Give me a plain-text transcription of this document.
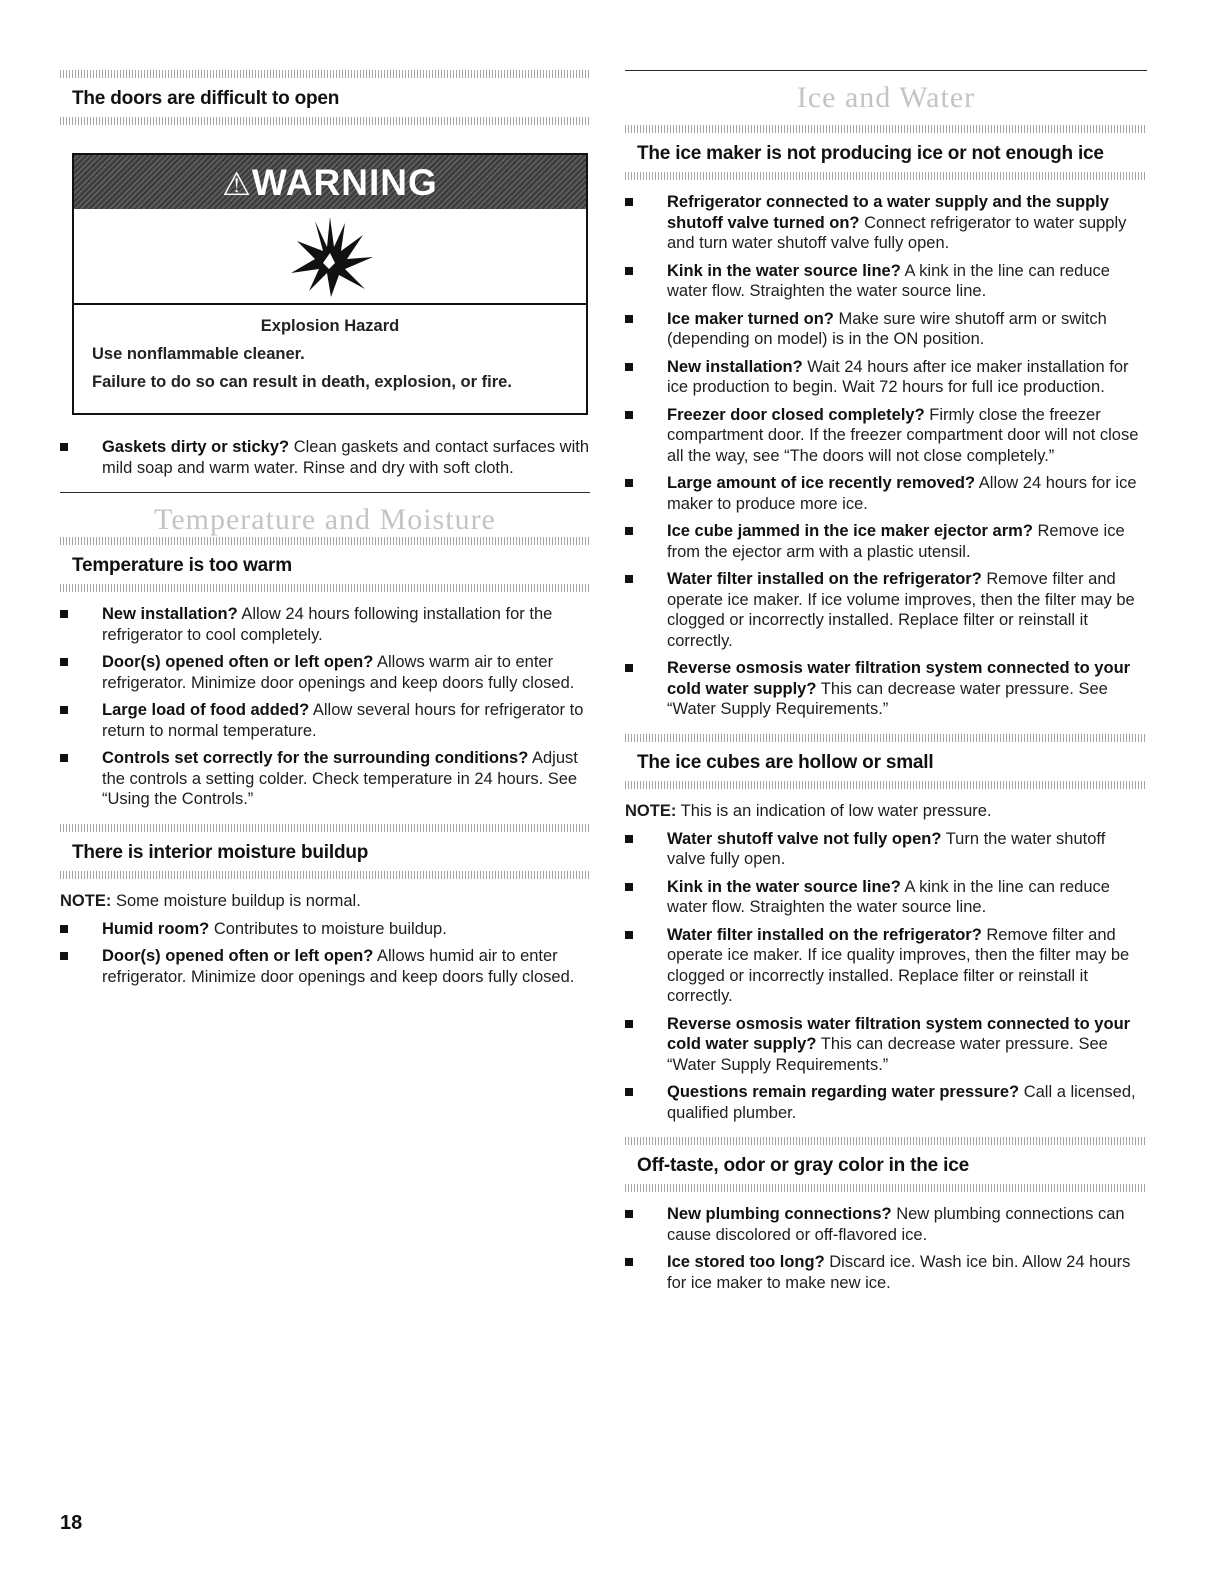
The doors are difficult to open
⚠WARNING
Explosion Hazard

Use nonflammable cleaner.

Failure to do so can result in death, explosion, or fire.

Gaskets dirty or sticky? Clean gaskets and contact surfaces with mild soap and warm water. Rinse and dry with soft cloth.
Temperature and Moisture
Temperature is too warm
New installation? Allow 24 hours following installation for the refrigerator to cool completely.
Door(s) opened often or left open? Allows warm air to enter refrigerator. Minimize door openings and keep doors fully closed.
Large load of food added? Allow several hours for refrigerator to return to normal temperature.
Controls set correctly for the surrounding conditions? Adjust the controls a setting colder. Check temperature in 24 hours. See “Using the Controls.”
There is interior moisture buildup

NOTE: Some moisture buildup is normal.

Humid room? Contributes to moisture buildup.
Door(s) opened often or left open? Allows humid air to enter refrigerator. Minimize door openings and keep doors fully closed.
Ice and Water
The ice maker is not producing ice or not enough ice
Refrigerator connected to a water supply and the supply shutoff valve turned on? Connect refrigerator to water supply and turn water shutoff valve fully open.
Kink in the water source line? A kink in the line can reduce water flow. Straighten the water source line.
Ice maker turned on? Make sure wire shutoff arm or switch (depending on model) is in the ON position.
New installation? Wait 24 hours after ice maker installation for ice production to begin. Wait 72 hours for full ice production.
Freezer door closed completely? Firmly close the freezer compartment door. If the freezer compartment door will not close all the way, see “The doors will not close completely.”
Large amount of ice recently removed? Allow 24 hours for ice maker to produce more ice.
Ice cube jammed in the ice maker ejector arm? Remove ice from the ejector arm with a plastic utensil.
Water filter installed on the refrigerator? Remove filter and operate ice maker. If ice volume improves, then the filter may be clogged or incorrectly installed. Replace filter or reinstall it correctly.
Reverse osmosis water filtration system connected to your cold water supply? This can decrease water pressure. See “Water Supply Requirements.”
The ice cubes are hollow or small

NOTE: This is an indication of low water pressure.

Water shutoff valve not fully open? Turn the water shutoff valve fully open.
Kink in the water source line? A kink in the line can reduce water flow. Straighten the water source line.
Water filter installed on the refrigerator? Remove filter and operate ice maker. If ice quality improves, then the filter may be clogged or incorrectly installed. Replace filter or reinstall it correctly.
Reverse osmosis water filtration system connected to your cold water supply? This can decrease water pressure. See “Water Supply Requirements.”
Questions remain regarding water pressure? Call a licensed, qualified plumber.
Off-taste, odor or gray color in the ice
New plumbing connections? New plumbing connections can cause discolored or off-flavored ice.
Ice stored too long? Discard ice. Wash ice bin. Allow 24 hours for ice maker to make new ice.
18
